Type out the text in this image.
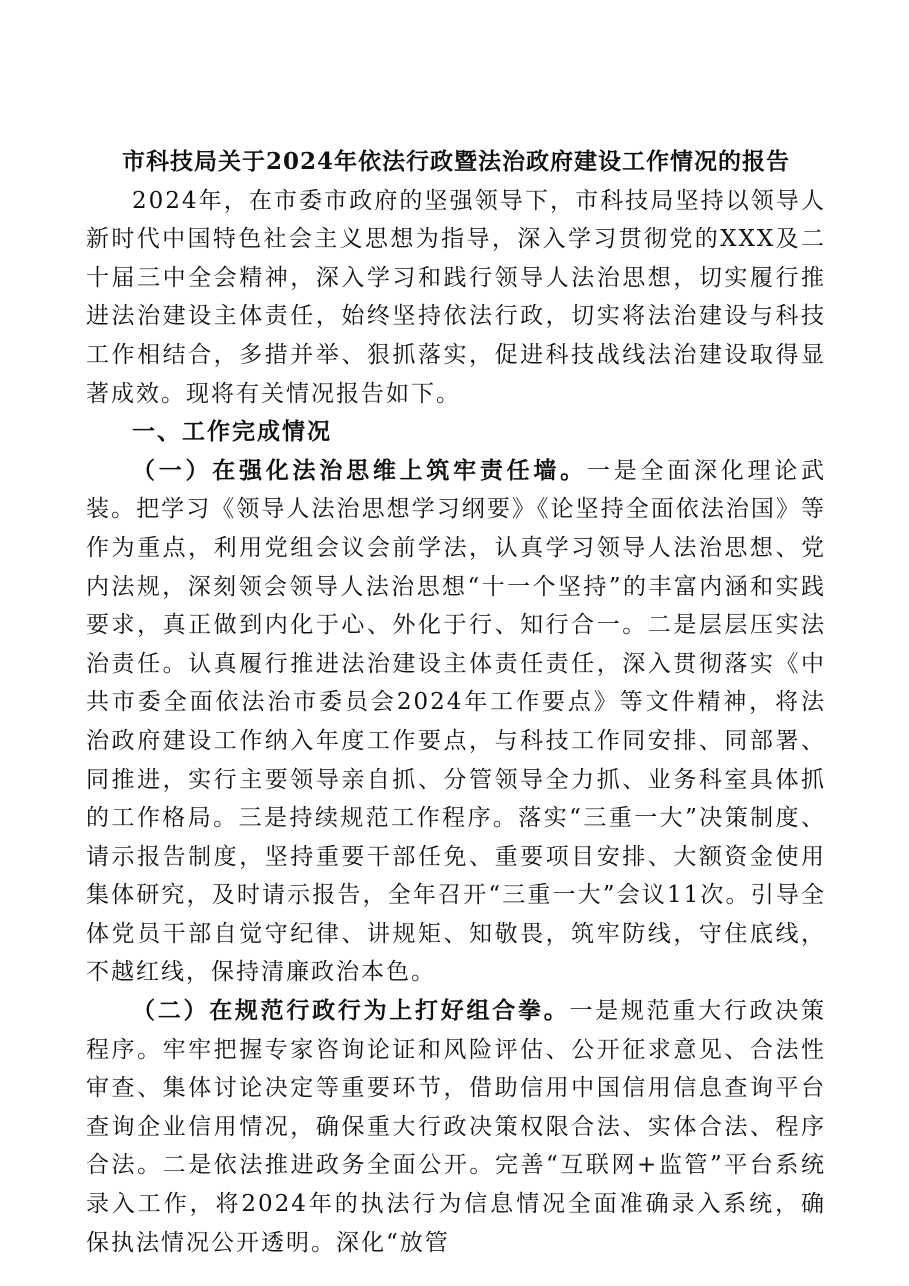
市科技局关于2024年依法行政暨法治政府建设工作情况的报告

2024年，在市委市政府的坚强领导下，市科技局坚持以领导人新时代中国特色社会主义思想为指导，深入学习贯彻党的XXX及二十届三中全会精神，深入学习和践行领导人法治思想，切实履行推进法治建设主体责任，始终坚持依法行政，切实将法治建设与科技工作相结合，多措并举、狠抓落实，促进科技战线法治建设取得显著成效。现将有关情况报告如下。

一、工作完成情况

（一）在强化法治思维上筑牢责任墙。一是全面深化理论武装。把学习《领导人法治思想学习纲要》《论坚持全面依法治国》等作为重点，利用党组会议会前学法，认真学习领导人法治思想、党内法规，深刻领会领导人法治思想“十一个坚持”的丰富内涵和实践要求，真正做到内化于心、外化于行、知行合一。二是层层压实法治责任。认真履行推进法治建设主体责任责任，深入贯彻落实《中共市委全面依法治市委员会2024年工作要点》等文件精神，将法治政府建设工作纳入年度工作要点，与科技工作同安排、同部署、同推进，实行主要领导亲自抓、分管领导全力抓、业务科室具体抓的工作格局。三是持续规范工作程序。落实“三重一大”决策制度、请示报告制度，坚持重要干部任免、重要项目安排、大额资金使用集体研究，及时请示报告，全年召开“三重一大”会议11次。引导全体党员干部自觉守纪律、讲规矩、知敬畏，筑牢防线，守住底线，不越红线，保持清廉政治本色。

（二）在规范行政行为上打好组合拳。一是规范重大行政决策程序。牢牢把握专家咨询论证和风险评估、公开征求意见、合法性审查、集体讨论决定等重要环节，借助信用中国信用信息查询平台查询企业信用情况，确保重大行政决策权限合法、实体合法、程序合法。二是依法推进政务全面公开。完善“互联网+监管”平台系统录入工作，将2024年的执法行为信息情况全面准确录入系统，确保执法情况公开透明。深化“放管
